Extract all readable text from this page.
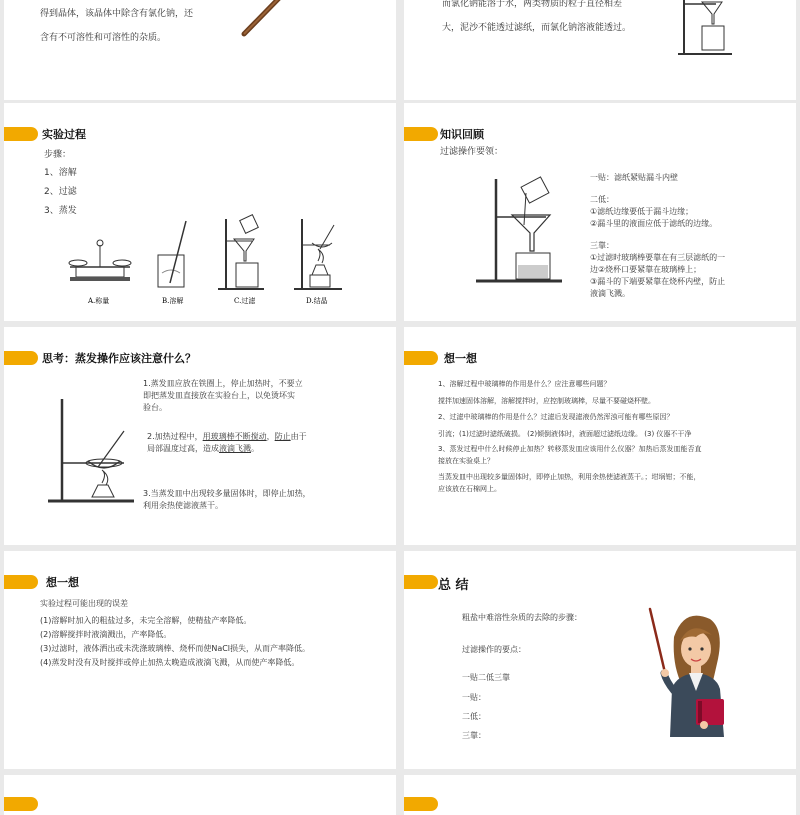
得到晶体，该晶体中除含有氯化钠，还
含有不可溶性和可溶性的杂质。
而氯化钠能溶于水，两类物质的粒子直径相差
大，泥沙不能透过滤纸，而氯化钠溶液能透过。
实验过程
步骤：
1、溶解
2、过滤
3、蒸发
A.称量	B.溶解	C.过滤	D.结晶
知识回顾
过滤操作要领：
一贴：滤纸紧贴漏斗内壁
二低：
①滤纸边缘要低于漏斗边缘；
②漏斗里的液面应低于滤纸的边缘。
三靠：
①过滤时玻璃棒要靠在有三层滤纸的一
边②烧杯口要紧靠在玻璃棒上；
③漏斗的下端要紧靠在烧杯内壁，防止
液滴飞溅。
思考：蒸发操作应该注意什么？
1.蒸发皿应放在铁圈上，停止加热时，不要立
即把蒸发皿直接放在实验台上，以免烫坏实
验台。
2.加热过程中，用玻璃棒不断搅动，防止由于
局部温度过高，造成液滴飞溅。
3.当蒸发皿中出现较多量固体时，即停止加热，
利用余热使滤液蒸干。
想一想
1、溶解过程中玻璃棒的作用是什么？应注意哪些问题？
搅拌加速固体溶解，溶解搅拌时，应控制玻璃棒，尽量不要碰烧杯壁。
2、过滤中玻璃棒的作用是什么？过滤后发现滤液仍然浑浊可能有哪些原因？
引流；(1)过滤时滤纸破损。 (2)倾倒液体时，液面超过滤纸边缘。 (3) 仪器不干净
3、蒸发过程中什么时候停止加热？转移蒸发皿应该用什么仪器？加热后蒸发皿能否直
接放在实验桌上？
当蒸发皿中出现较多量固体时，即停止加热，利用余热使滤液蒸干。；坩埚钳；不能，
应该放在石棉网上。
想一想
实验过程可能出现的误差
(1)溶解时加入的粗盐过多，未完全溶解，使精盐产率降低。
(2)溶解搅拌时液滴溅出，产率降低。
(3)过滤时，液体洒出或未洗涤玻璃棒、烧杯而使NaCl损失，从而产率降低。
(4)蒸发时没有及时搅拌或停止加热太晚造成液滴飞溅，从而使产率降低。
总 结
粗盐中难溶性杂质的去除的步骤：
过滤操作的要点：
一贴二低三靠
一贴：
二低：
三靠：
